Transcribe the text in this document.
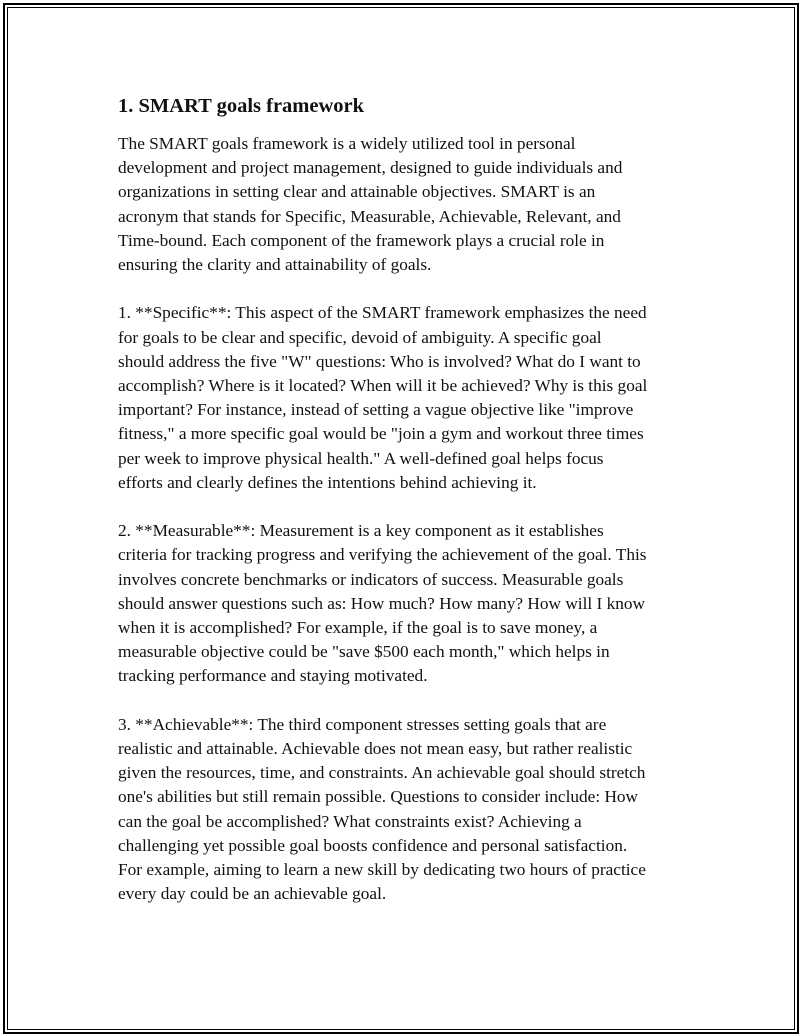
1. SMART goals framework

The SMART goals framework is a widely utilized tool in personal
development and project management, designed to guide individuals and
organizations in setting clear and attainable objectives. SMART is an
acronym that stands for Specific, Measurable, Achievable, Relevant, and
Time-bound. Each component of the framework plays a crucial role in
ensuring the clarity and attainability of goals.

1. **Specific**: This aspect of the SMART framework emphasizes the need
for goals to be clear and specific, devoid of ambiguity. A specific goal
should address the five "W" questions: Who is involved? What do I want to
accomplish? Where is it located? When will it be achieved? Why is this goal
important? For instance, instead of setting a vague objective like "improve
fitness," a more specific goal would be "join a gym and workout three times
per week to improve physical health." A well-defined goal helps focus
efforts and clearly defines the intentions behind achieving it.

2. **Measurable**: Measurement is a key component as it establishes
criteria for tracking progress and verifying the achievement of the goal. This
involves concrete benchmarks or indicators of success. Measurable goals
should answer questions such as: How much? How many? How will I know
when it is accomplished? For example, if the goal is to save money, a
measurable objective could be "save $500 each month," which helps in
tracking performance and staying motivated.

3. **Achievable**: The third component stresses setting goals that are
realistic and attainable. Achievable does not mean easy, but rather realistic
given the resources, time, and constraints. An achievable goal should stretch
one's abilities but still remain possible. Questions to consider include: How
can the goal be accomplished? What constraints exist? Achieving a
challenging yet possible goal boosts confidence and personal satisfaction.
For example, aiming to learn a new skill by dedicating two hours of practice
every day could be an achievable goal.
